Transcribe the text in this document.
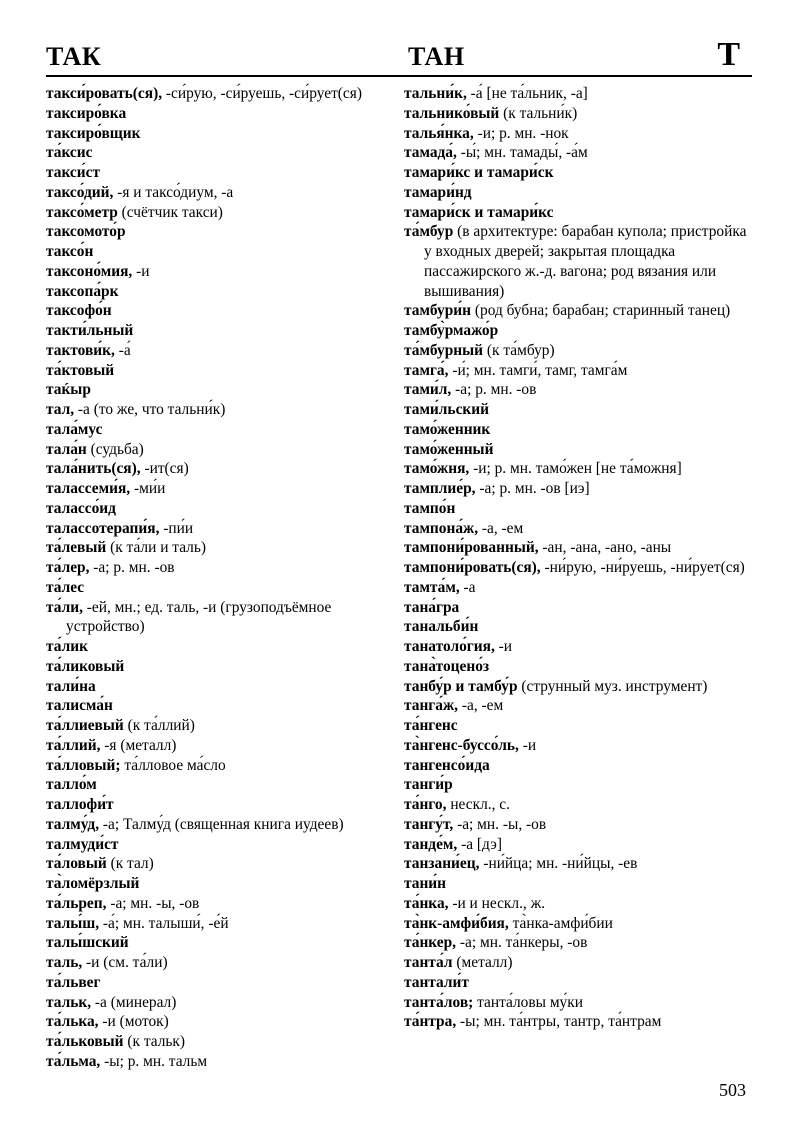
ТАК	ТАН	Т
такси́ровать(ся), -си́рую, -си́руешь, -си́рует(ся)
таксиро́вка
таксиро́вщик
та́ксис
такси́ст
таксо́дий, -я и таксо́диум, -а
таксо́метр (счётчик такси)
таксомото́р
таксо́н
таксоно́мия, -и
таксопа́рк
таксофо́н
такти́льный
тактови́к, -а́
та́ктовый
таќыр
тал, -а (то же, что тальни́к)
тала́мус
тала́н (судьба)
тала́нить(ся), -ит(ся)
талассеми́я, -ми́и
талассо́ид
талассотерапи́я, -пи́и
та́левый (к та́ли и таль)
та́лер, -а; р. мн. -ов
та́лес
та́ли, -ей, мн.; ед. таль, -и (грузоподъёмное устройство)
та́лик
та́ликовый
тали́на
талисма́н
та́ллиевый (к та́ллий)
та́ллий, -я (металл)
та́лловый; та́лловое ма́сло
талло́м
таллофи́т
талму́д, -а; Талму́д (священная книга иудеев)
талмуди́ст
та́ловый (к тал)
та̀ломёрзлый
та́льреп, -а; мн. -ы, -ов
талы́ш, -а́; мн. талыши́, -е́й
талы́шский
таль, -и (см. та́ли)
та́львег
тальк, -а (минерал)
та́лька, -и (моток)
та́льковый (к тальк)
та́льма, -ы; р. мн. тальм
тальни́к, -а́ [не та́льник, -а]
тальнико́вый (к тальни́к)
талья́нка, -и; р. мн. -нок
тамада́, -ы́; мн. тамады́, -а́м
тамари́кс и тамари́ск
тамари́нд
тамари́ск и тамари́кс
та́мбур (в архитектуре: барабан купола; пристройка у входных дверей; закрытая площадка пассажирского ж.-д. вагона; род вязания или вышивания)
тамбури́н (род бубна; барабан; старинный танец)
тамбу̀рмажо́р
та́мбурный (к та́мбур)
тамга́, -и́; мн. тамги́, тамг, тамга́м
тами́л, -а; р. мн. -ов
тами́льский
тамо́женник
тамо́женный
тамо́жня, -и; р. мн. тамо́жен [не та́можня]
тамплие́р, -а; р. мн. -ов [иэ]
тампо́н
тампона́ж, -а, -ем
тампони́рованный, -ан, -ана, -ано, -аны
тампони́ровать(ся), -ни́рую, -ни́руешь, -ни́рует(ся)
тамта́м, -а
тана́гра
танальби́н
танатоло́гия, -и
тана̀тоцено́з
танбу́р и тамбу́р (струнный муз. инструмент)
танга́ж, -а, -ем
та́нгенс
та̀нгенс-буссо́ль, -и
тангенсо́ида
танги́р
та́нго, нескл., с.
тангу́т, -а; мн. -ы, -ов
танде́м, -а [дэ]
танзани́ец, -ни́йца; мн. -ни́йцы, -ев
тани́н
та́нка, -и и нескл., ж.
та̀нк-амфи́бия, та̀нка-амфи́бии
та́нкер, -а; мн. та́нкеры, -ов
танта́л (металл)
тантали́т
танта́лов; танта́ловы му́ки
та́нтра, -ы; мн. та́нтры, тантр, та́нтрам
503
